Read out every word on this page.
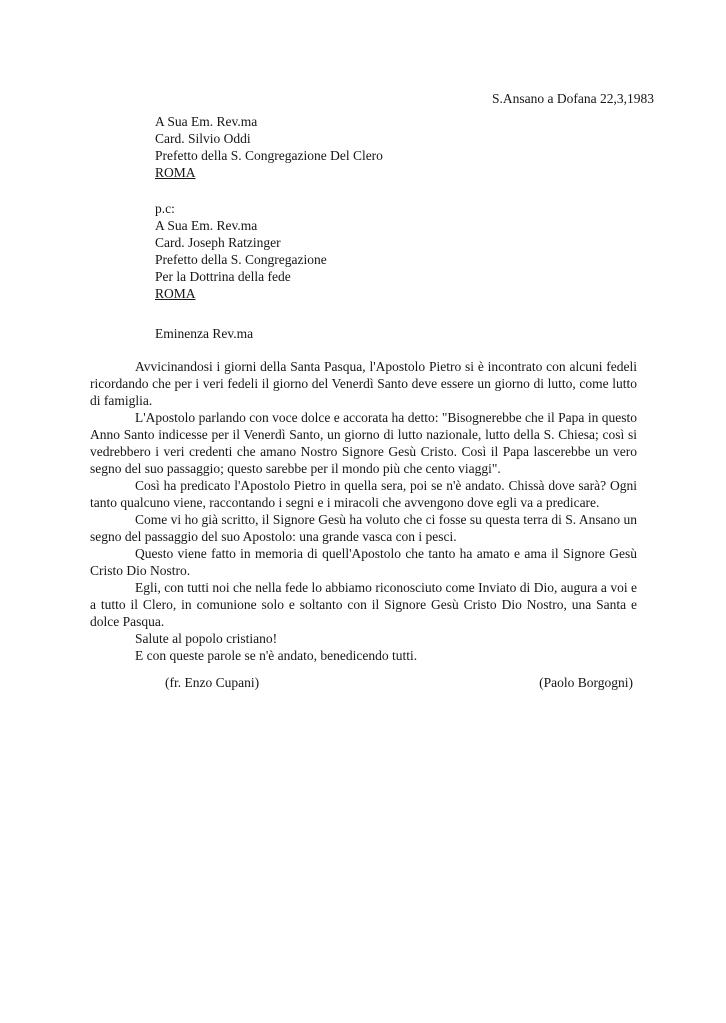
S.Ansano a Dofana 22,3,1983
A Sua Em. Rev.ma
Card. Silvio Oddi
Prefetto della S. Congregazione Del Clero
ROMA
p.c:
A Sua Em. Rev.ma
Card. Joseph Ratzinger
Prefetto della S. Congregazione
Per la Dottrina della fede
ROMA
Eminenza Rev.ma

Avvicinandosi i giorni della Santa Pasqua, l'Apostolo Pietro si è incontrato con alcuni fedeli ricordando che per i veri fedeli il giorno del Venerdì Santo deve essere un giorno di lutto, come lutto di famiglia.

L'Apostolo parlando con voce dolce e accorata ha detto: "Bisognerebbe che il Papa in questo Anno Santo indicesse per il Venerdì Santo, un giorno di lutto nazionale, lutto della S. Chiesa; così si vedrebbero i veri credenti che amano Nostro Signore Gesù Cristo. Così il Papa lascerebbe un vero segno del suo passaggio; questo sarebbe per il mondo più che cento viaggi".

Così ha predicato l'Apostolo Pietro in quella sera, poi se n'è andato. Chissà dove sarà? Ogni tanto qualcuno viene, raccontando i segni e i miracoli che avvengono dove egli va a predicare.

Come vi ho già scritto, il Signore Gesù ha voluto che ci fosse su questa terra di S. Ansano un segno del passaggio del suo Apostolo: una grande vasca con i pesci.

Questo viene fatto in memoria di quell'Apostolo che tanto ha amato e ama il Signore Gesù Cristo Dio Nostro.

Egli, con tutti noi che nella fede lo abbiamo riconosciuto come Inviato di Dio, augura a voi e a tutto il Clero, in comunione solo e soltanto con il Signore Gesù Cristo Dio Nostro, una Santa e dolce Pasqua.

Salute al popolo cristiano!

E con queste parole se n'è andato, benedicendo tutti.

(fr. Enzo Cupani)	(Paolo Borgogni)
